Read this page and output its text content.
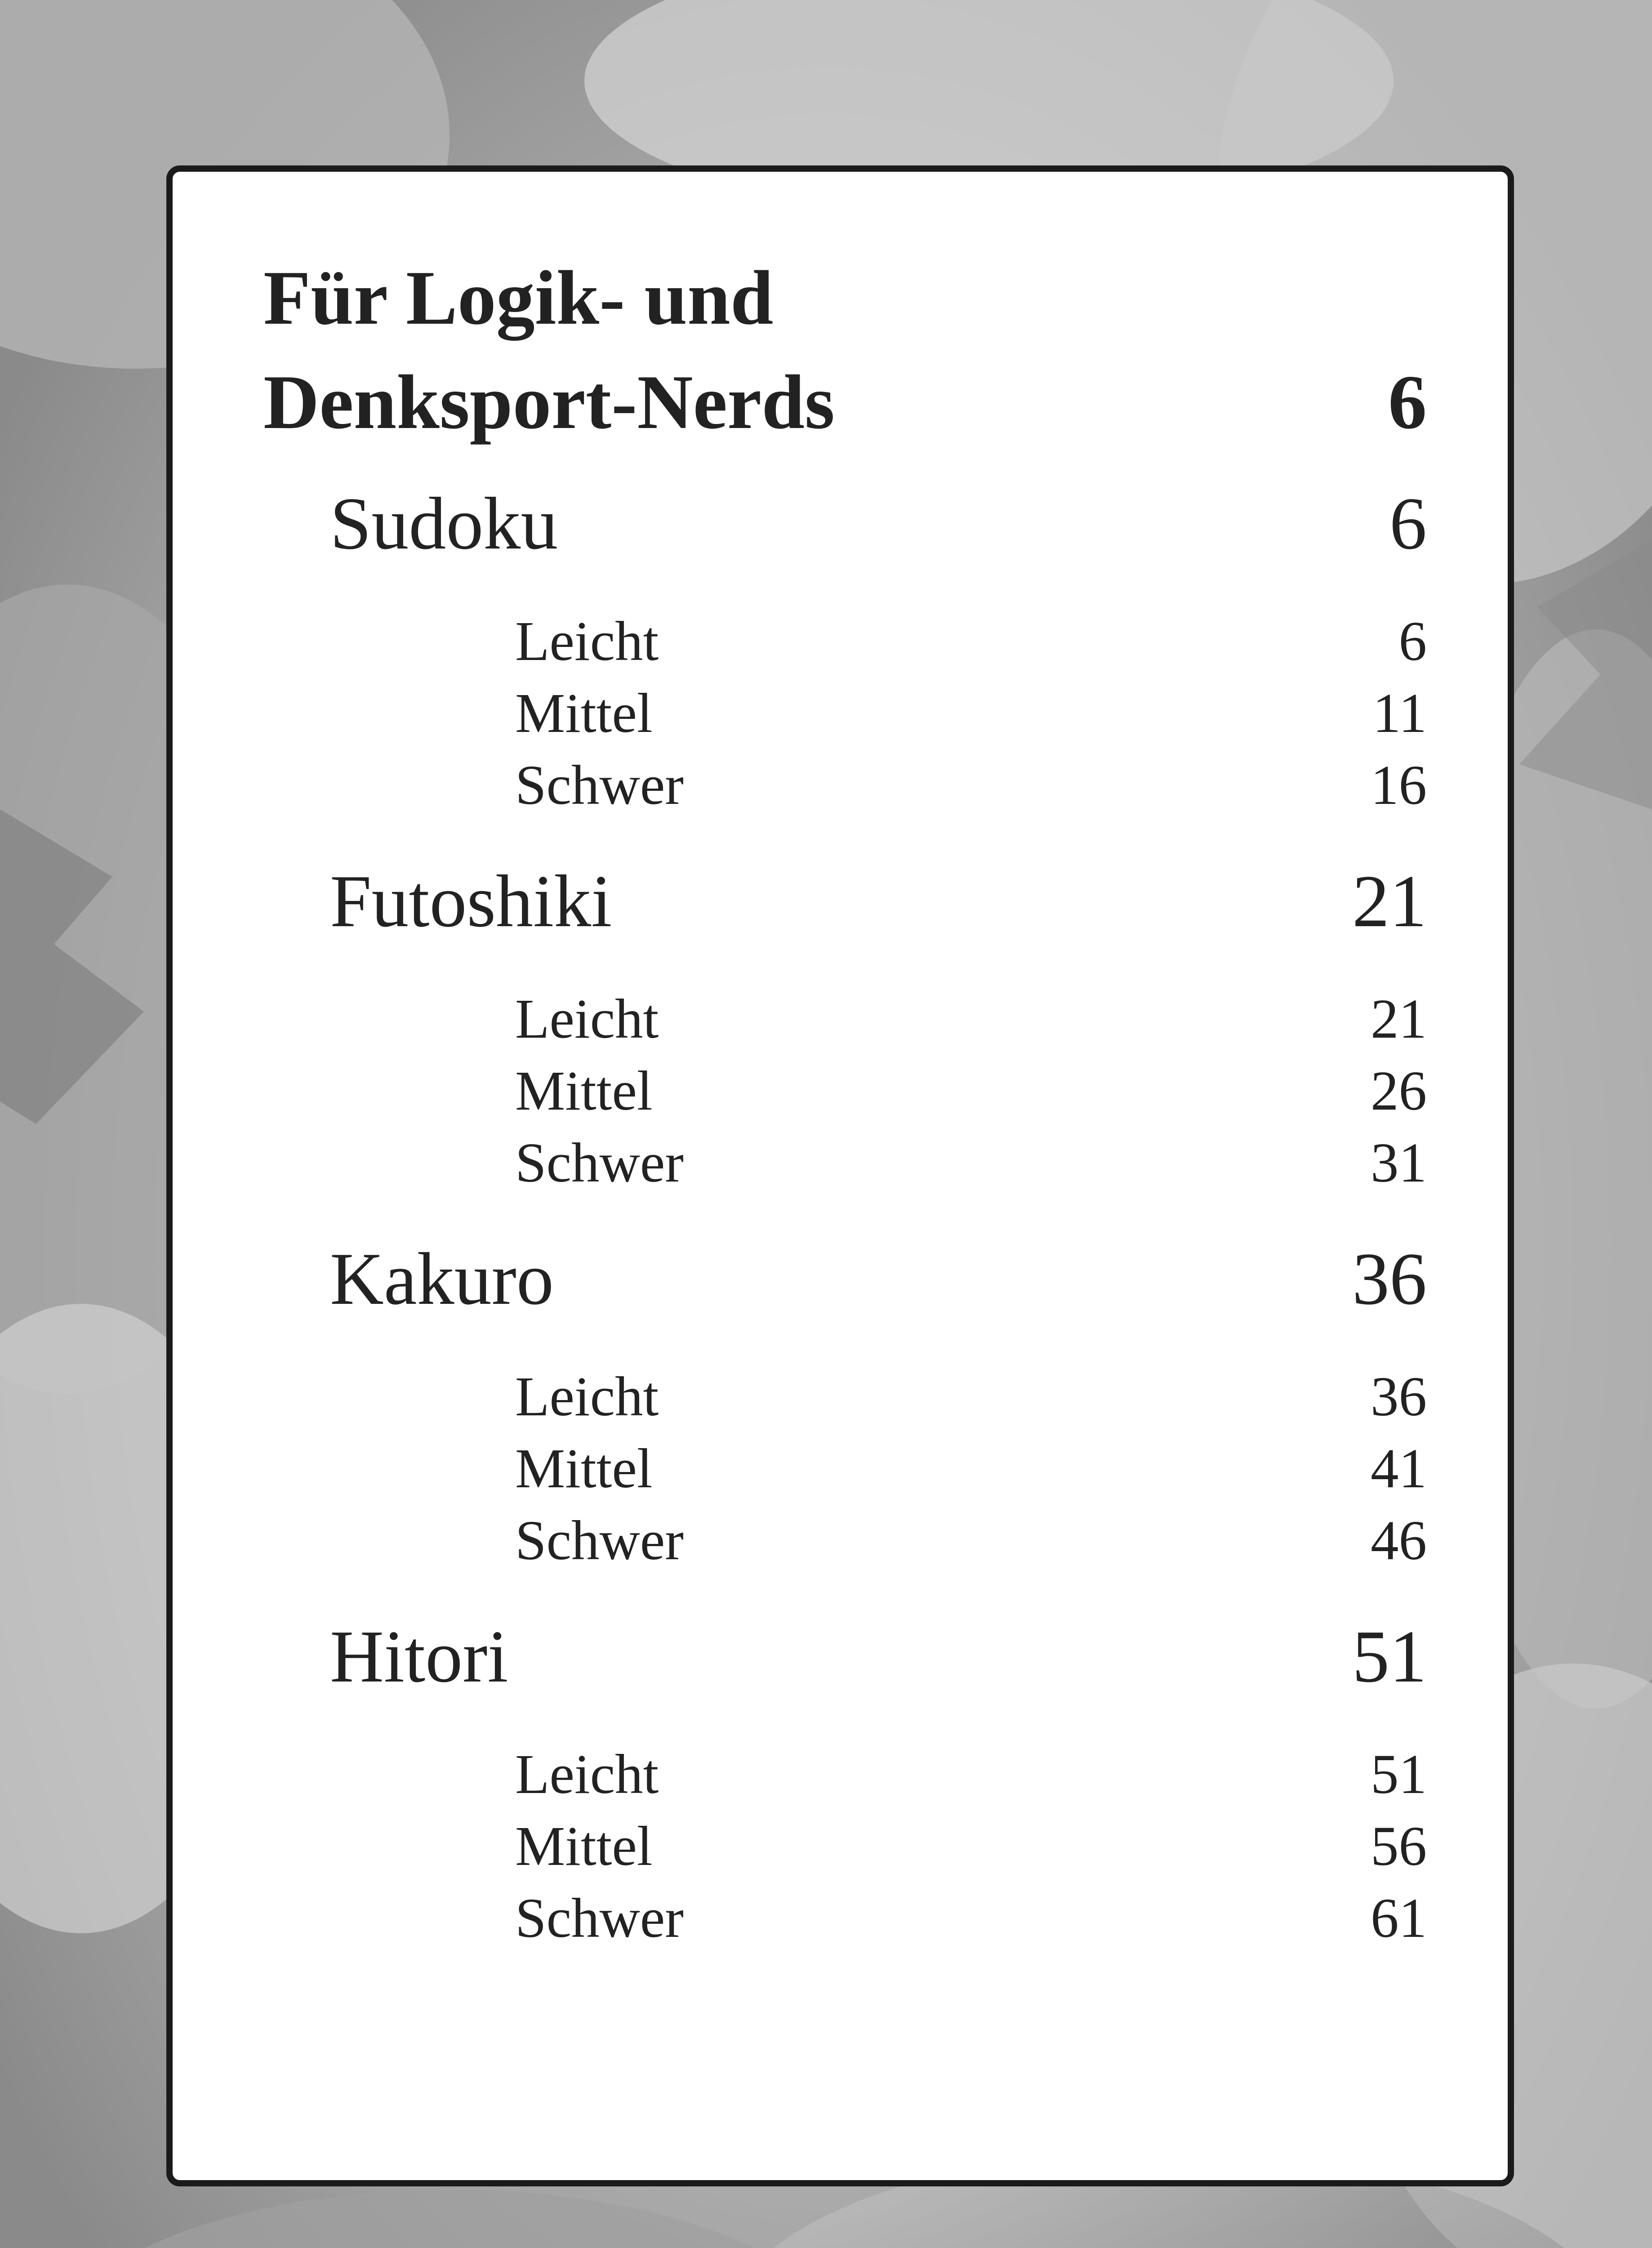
Für Logik- und
Denksport-Nerds	6
Sudoku	6
Leicht	6
Mittel	11
Schwer	16
Futoshiki	21
Leicht	21
Mittel	26
Schwer	31
Kakuro	36
Leicht	36
Mittel	41
Schwer	46
Hitori	51
Leicht	51
Mittel	56
Schwer	61
